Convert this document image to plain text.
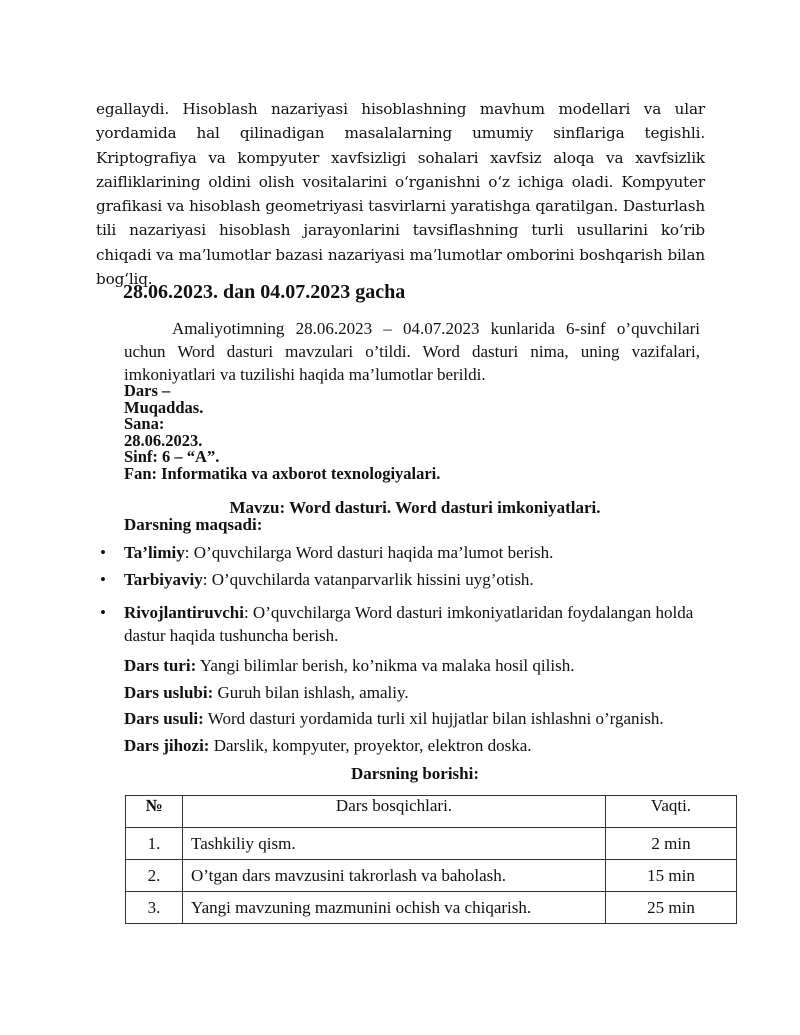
egallaydi. Hisoblash nazariyasi hisoblashning mavhum modellari va ular yordamida hal qilinadigan masalalarning umumiy sinflariga tegishli. Kriptografiya va kompyuter xavfsizligi sohalari xavfsiz aloqa va xavfsizlik zaifliklarining oldini olish vositalarini o‘rganishni o‘z ichiga oladi. Kompyuter grafikasi va hisoblash geometriyasi tasvirlarni yaratishga qaratilgan. Dasturlash tili nazariyasi hisoblash jarayonlarini tavsiflashning turli usullarini ko‘rib chiqadi va ma’lumotlar bazasi nazariyasi ma’lumotlar omborini boshqarish bilan bog‘liq.

28.06.2023. dan 04.07.2023 gacha

Amaliyotimning 28.06.2023 – 04.07.2023 kunlarida 6-sinf o’quvchilari uchun Word dasturi mavzulari o’tildi. Word dasturi nima, uning vazifalari, imkoniyatlari va tuzilishi haqida ma’lumotlar berildi.

Dars –
Muqaddas.
Sana:
28.06.2023.
Sinf: 6 – “A”.
Fan: Informatika va axborot texnologiyalari.
Mavzu: Word dasturi. Word dasturi imkoniyatlari.
Darsning maqsadi:
•	Ta’limiy: O’quvchilarga Word dasturi haqida ma’lumot berish.
•	Tarbiyaviy: O’quvchilarda vatanparvarlik hissini uyg’otish.
•	Rivojlantiruvchi: O’quvchilarga Word dasturi imkoniyatlaridan foydalangan holda dastur haqida tushuncha berish.
Dars turi: Yangi bilimlar berish, ko’nikma va malaka hosil qilish.
Dars uslubi: Guruh bilan ishlash, amaliy.
Dars usuli: Word dasturi yordamida turli xil hujjatlar bilan ishlashni o’rganish.
Dars jihozi: Darslik, kompyuter, proyektor, elektron doska.
Darsning borishi:
№	Dars bosqichlari.	Vaqti.
1.	Tashkiliy qism.	2 min
2.	O’tgan dars mavzusini takrorlash va baholash.	15 min
3.	Yangi mavzuning mazmunini ochish va chiqarish.	25 min
